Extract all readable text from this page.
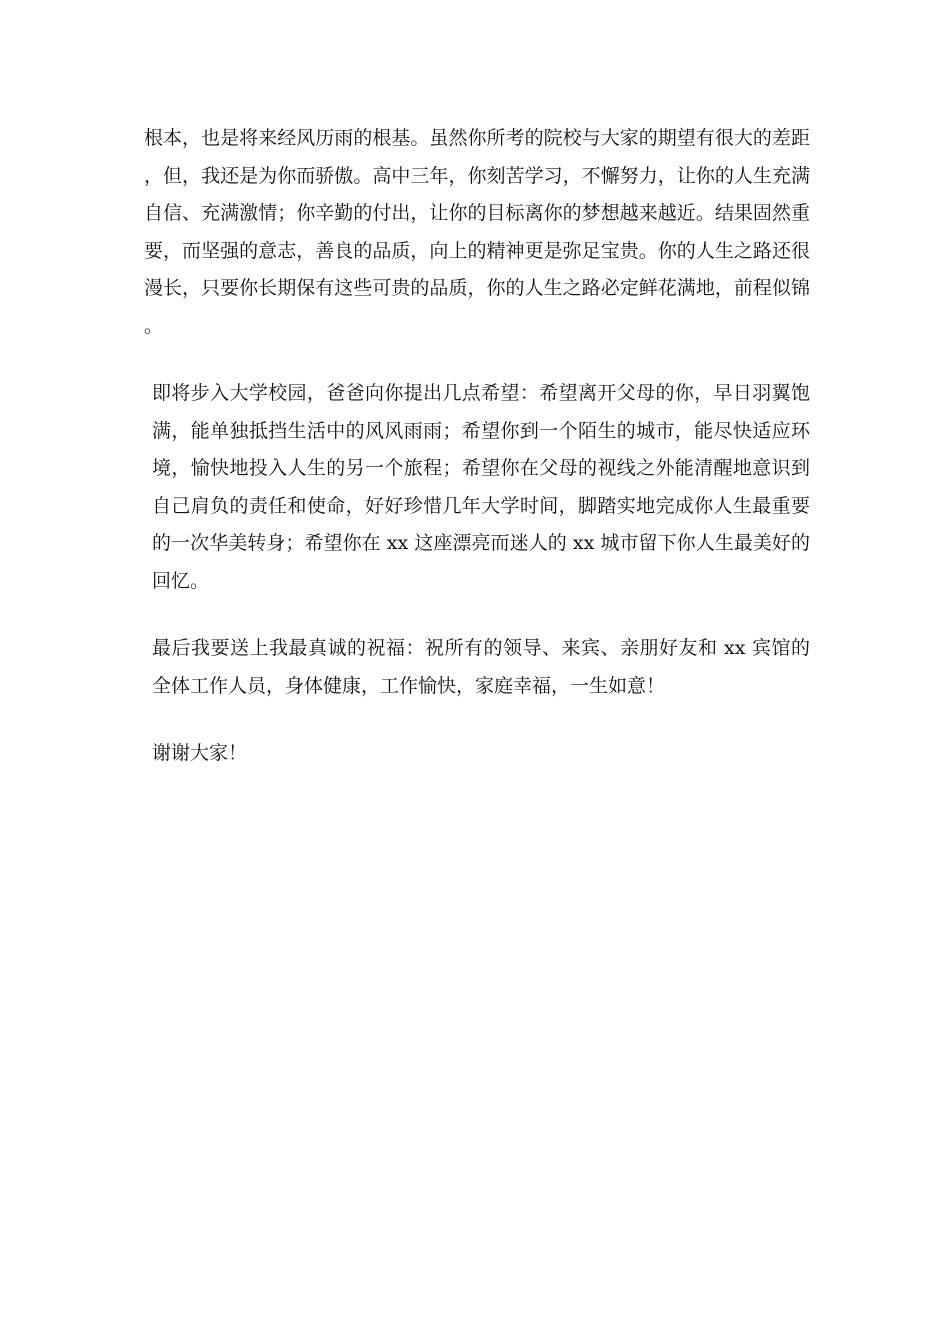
根本，也是将来经风历雨的根基。虽然你所考的院校与大家的期望有很大的差距，但，我还是为你而骄傲。高中三年，你刻苦学习，不懈努力，让你的人生充满自信、充满激情；你辛勤的付出，让你的目标离你的梦想越来越近。结果固然重要，而坚强的意志，善良的品质，向上的精神更是弥足宝贵。你的人生之路还很漫长，只要你长期保有这些可贵的品质，你的人生之路必定鲜花满地，前程似锦。

即将步入大学校园，爸爸向你提出几点希望：希望离开父母的你，早日羽翼饱满，能单独抵挡生活中的风风雨雨；希望你到一个陌生的城市，能尽快适应环境，愉快地投入人生的另一个旅程；希望你在父母的视线之外能清醒地意识到自己肩负的责任和使命，好好珍惜几年大学时间，脚踏实地完成你人生最重要的一次华美转身；希望你在 xx 这座漂亮而迷人的 xx 城市留下你人生最美好的回忆。

最后我要送上我最真诚的祝福：祝所有的领导、来宾、亲朋好友和 xx 宾馆的全体工作人员，身体健康，工作愉快，家庭幸福，一生如意！

谢谢大家！
